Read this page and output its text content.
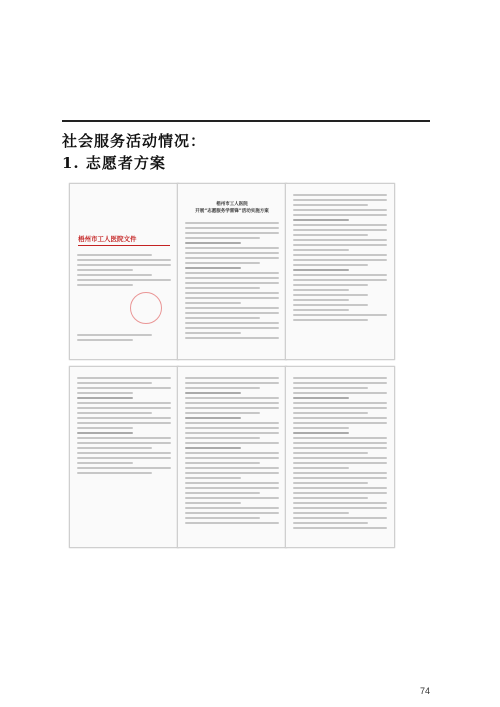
社会服务活动情况：
1. 志愿者方案
梧州市工人医院文件
梧州市工人医院
开展“志愿服务学雷锋”活动实施方案
74
